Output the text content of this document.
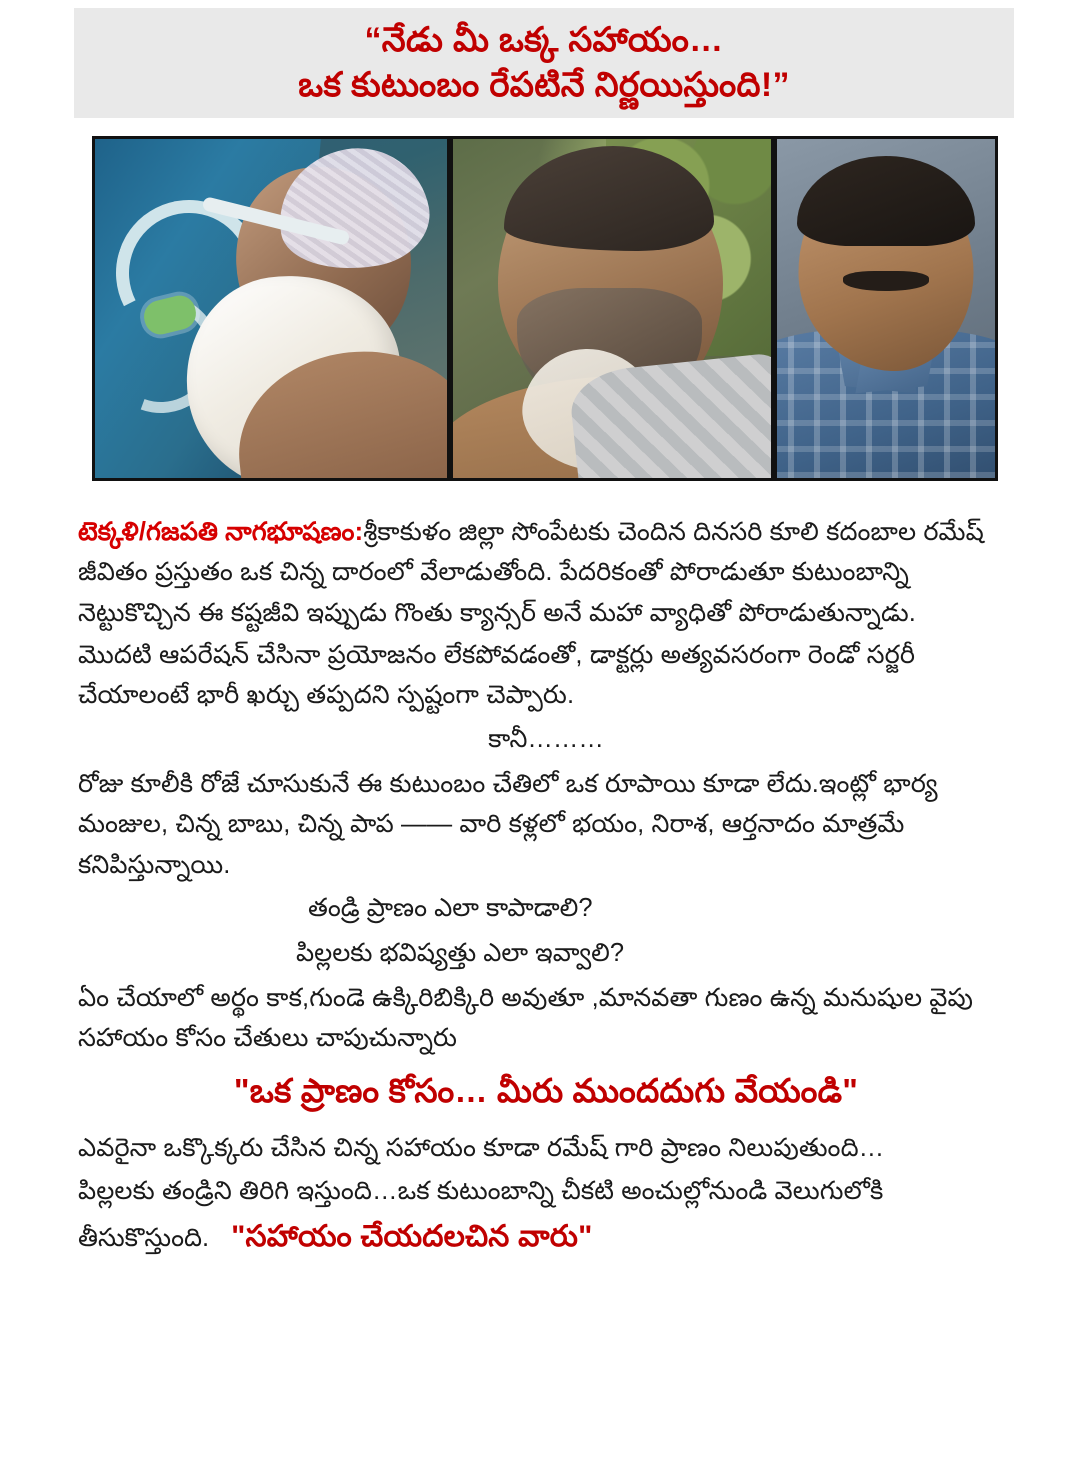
“నేడు మీ ఒక్క సహాయం…
ఒక కుటుంబం రేపటినే నిర్ణయిస్తుంది!”

టెక్కళి/గజపతి నాగభూషణం:శ్రీకాకుళం జిల్లా సోంపేటకు చెందిన దినసరి కూలి కదంబాల రమేష్ జీవితం ప్రస్తుతం ఒక చిన్న దారంలో వేలాడుతోంది. పేదరికంతో పోరాడుతూ కుటుంబాన్ని నెట్టుకొచ్చిన ఈ కష్టజీవి ఇప్పుడు గొంతు క్యాన్సర్ అనే మహా వ్యాధితో పోరాడుతున్నాడు.

మొదటి ఆపరేషన్ చేసినా ప్రయోజనం లేకపోవడంతో, డాక్టర్లు అత్యవసరంగా రెండో సర్జరీ చేయాలంటే భారీ ఖర్చు తప్పదని స్పష్టంగా చెప్పారు.

కానీ………

రోజు కూలీకి రోజే చూసుకునే ఈ కుటుంబం చేతిలో ఒక రూపాయి కూడా లేదు.ఇంట్లో భార్య మంజుల, చిన్న బాబు, చిన్న పాప —— వారి కళ్లలో భయం, నిరాశ, ఆర్తనాదం మాత్రమే కనిపిస్తున్నాయి.

తండ్రి ప్రాణం ఎలా కాపాడాలి?
పిల్లలకు భవిష్యత్తు ఎలా ఇవ్వాలి?

ఏం చేయాలో అర్థం కాక,గుండె ఉక్కిరిబిక్కిరి అవుతూ ,మానవతా గుణం ఉన్న మనుషుల వైపు సహాయం కోసం చేతులు చాపుచున్నారు

"ఒక ప్రాణం కోసం… మీరు ముందదుగు వేయండి"

ఎవరైనా ఒక్కొక్కరు చేసిన చిన్న సహాయం కూడా రమేష్ గారి ప్రాణం నిలుపుతుంది…

పిల్లలకు తండ్రిని తిరిగి ఇస్తుంది…ఒక కుటుంబాన్ని చీకటి అంచుల్లోనుండి వెలుగులోకి

తీసుకొస్తుంది. "సహాయం చేయదలచిన వారు"
